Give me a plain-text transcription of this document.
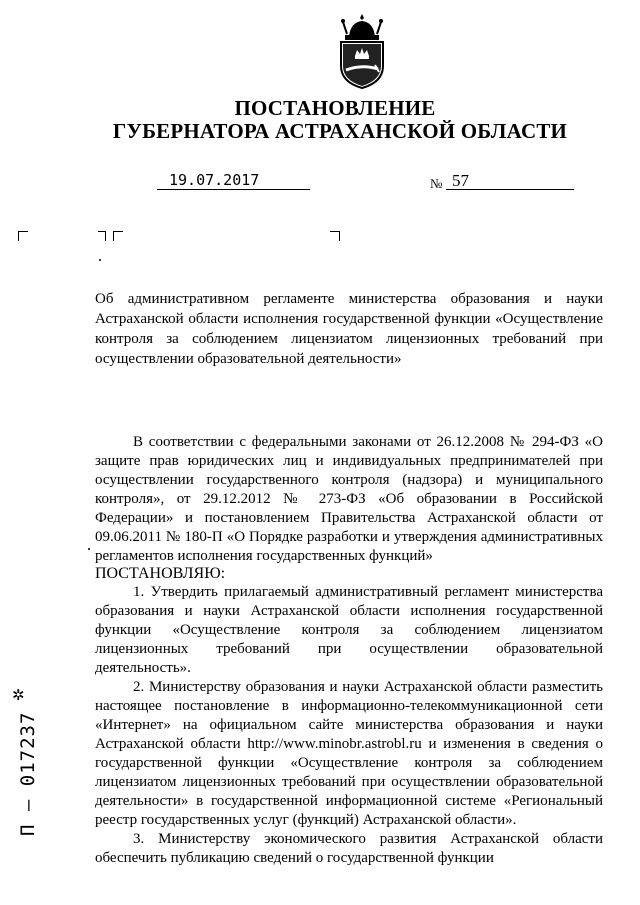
ПОСТАНОВЛЕНИЕ
ГУБЕРНАТОРА АСТРАХАНСКОЙ ОБЛАСТИ
19.07.2017	№ 57
Об административном регламенте министерства образования и науки Астраханской области исполнения государственной функции «Осуществление контроля за соблюдением лицензиатом лицензионных требований при осуществлении образовательной деятельности»

В соответствии с федеральными законами от 26.12.2008 № 294-ФЗ «О защите прав юридических лиц и индивидуальных предпринимателей при осуществлении государственного контроля (надзора) и муниципального контроля», от 29.12.2012 № 273-ФЗ «Об образовании в Российской Федерации» и постановлением Правительства Астраханской области от 09.06.2011 № 180-П «О Порядке разработки и утверждения административных регламентов исполнения государственных функций»

ПОСТАНОВЛЯЮ:

1. Утвердить прилагаемый административный регламент министерства образования и науки Астраханской области исполнения государственной функции «Осуществление контроля за соблюдением лицензиатом лицензионных требований при осуществлении образовательной деятельность».

2. Министерству образования и науки Астраханской области разместить настоящее постановление в информационно-телекоммуникационной сети «Интернет» на официальном сайте министерства образования и науки Астраханской области http://www.minobr.astrobl.ru и изменения в сведения о государственной функции «Осуществление контроля за соблюдением лицензиатом лицензионных требований при осуществлении образовательной деятельности» в государственной информационной системе «Региональный реестр государственных услуг (функций) Астраханской области».

3. Министерству экономического развития Астраханской области обеспечить публикацию сведений о государственной функции

✲
П – 017237
